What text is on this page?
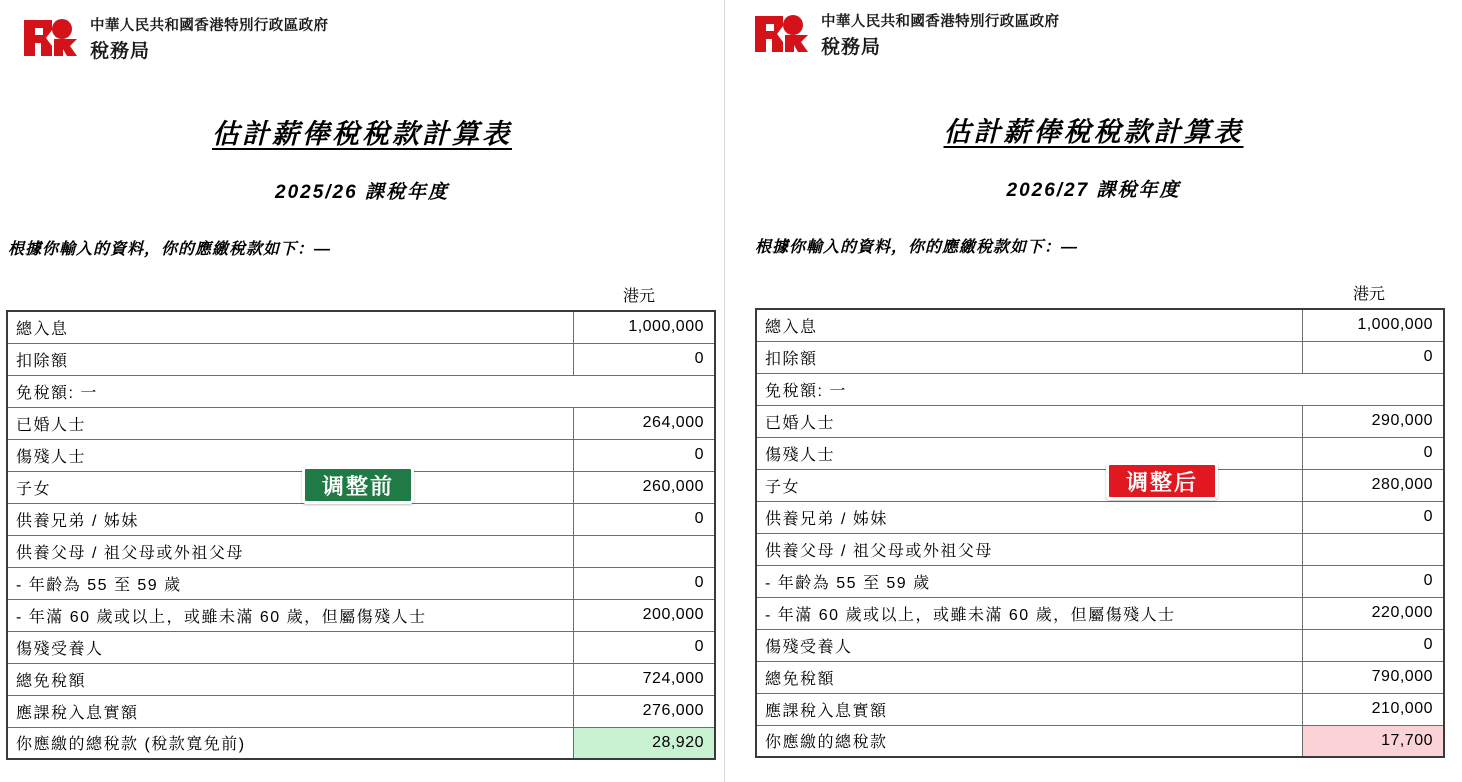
中華人民共和國香港特別行政區政府
稅務局
估計薪俸稅稅款計算表
2025/26 課稅年度
根據你輸入的資料，你的應繳稅款如下：—
港元
總入息	1,000,000
扣除額	0
免稅額: 一	
已婚人士	264,000
傷殘人士	0
子女	260,000
供養兄弟 / 姊妹	0
供養父母 / 祖父母或外祖父母	
- 年齡為 55 至 59 歲	0
- 年滿 60 歲或以上，或雖未滿 60 歲，但屬傷殘人士	200,000
傷殘受養人	0
總免稅額	724,000
應課稅入息實額	276,000
你應繳的總稅款 (稅款寬免前)	28,920
中華人民共和國香港特別行政區政府
稅務局
估計薪俸稅稅款計算表
2026/27 課稅年度
根據你輸入的資料，你的應繳稅款如下：—
港元
總入息	1,000,000
扣除額	0
免稅額: 一	
已婚人士	290,000
傷殘人士	0
子女	280,000
供養兄弟 / 姊妹	0
供養父母 / 祖父母或外祖父母	
- 年齡為 55 至 59 歲	0
- 年滿 60 歲或以上，或雖未滿 60 歲，但屬傷殘人士	220,000
傷殘受養人	0
總免稅額	790,000
應課稅入息實額	210,000
你應繳的總稅款	17,700
调整前	调整后
